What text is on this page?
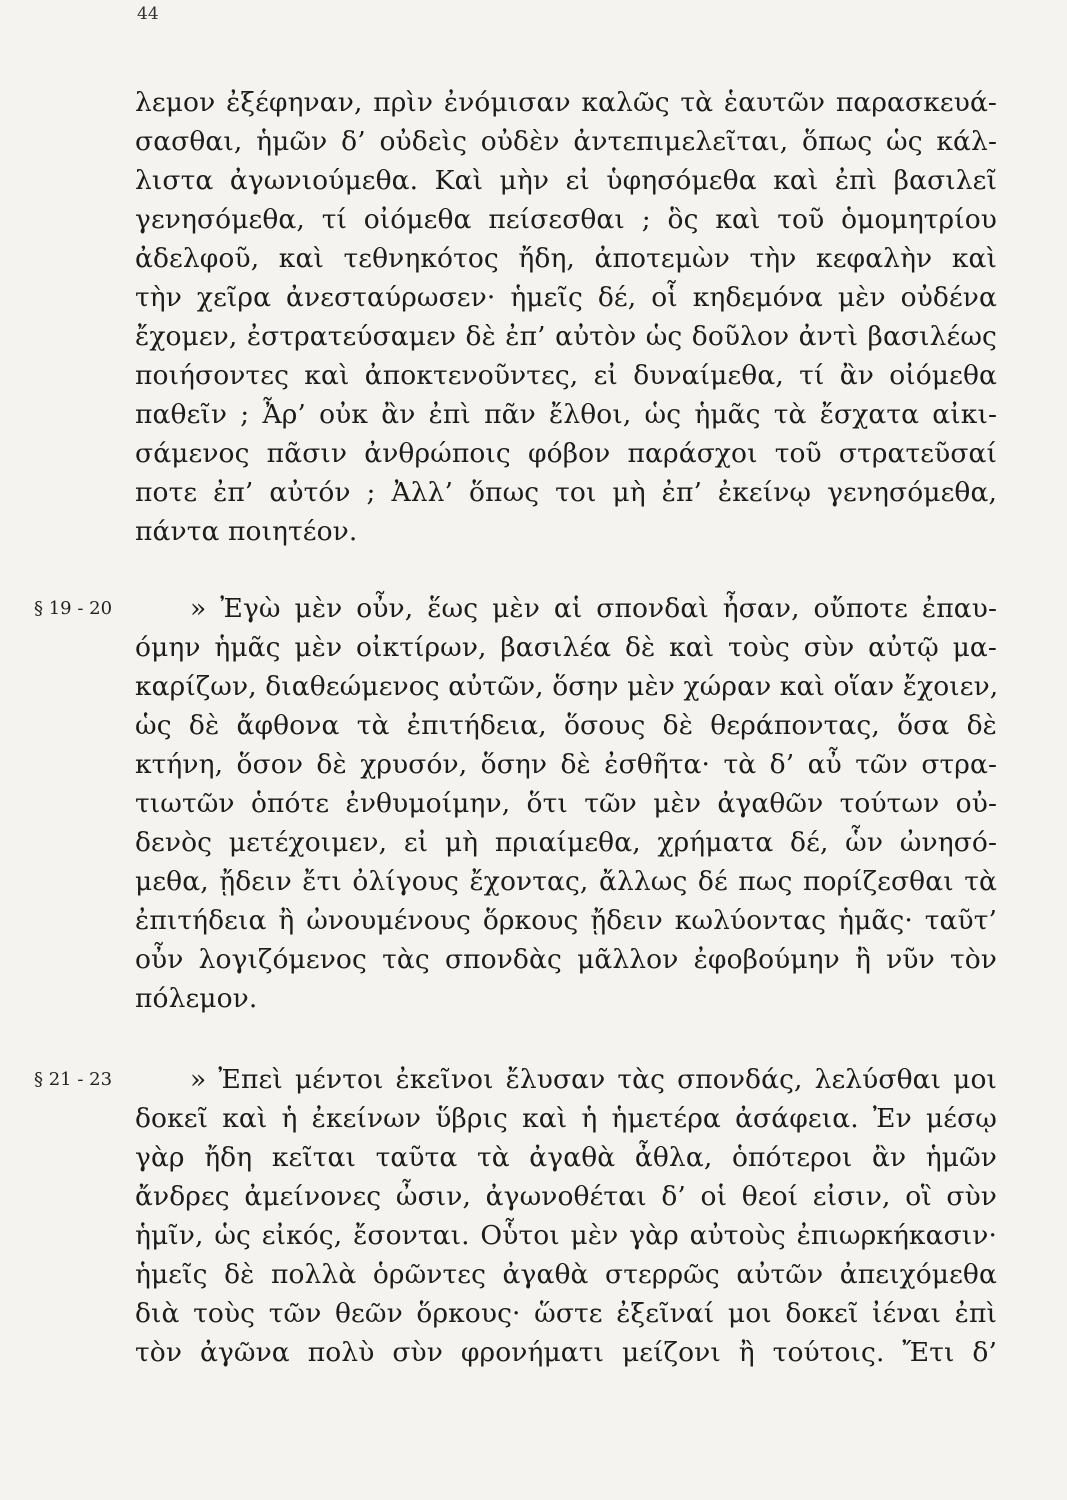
44
§ 19 - 20
§ 21 - 23
λεμον ἐξέφηναν, πρὶν ἐνόμισαν καλῶς τὰ ἑαυτῶν παρασκευά-
σασθαι, ἡμῶν δ’ οὐδεὶς οὐδὲν ἀντεπιμελεῖται, ὅπως ὡς κάλ-
λιστα ἀγωνιούμεθα. Καὶ μὴν εἰ ὑφησόμεθα καὶ ἐπὶ βασιλεῖ
γενησόμεθα, τί οἰόμεθα πείσεσθαι ; ὃς καὶ τοῦ ὁμομητρίου
ἀδελφοῦ, καὶ τεθνηκότος ἤδη, ἀποτεμὼν τὴν κεφαλὴν καὶ
τὴν χεῖρα ἀνεσταύρωσεν· ἡμεῖς δέ, οἷ κηδεμόνα μὲν οὐδένα
ἔχομεν, ἐστρατεύσαμεν δὲ ἐπ’ αὐτὸν ὡς δοῦλον ἀντὶ βασιλέως
ποιήσοντες καὶ ἀποκτενοῦντες, εἰ δυναίμεθα, τί ἂν οἰόμεθα
παθεῖν ; Ἆρ’ οὐκ ἂν ἐπὶ πᾶν ἔλθοι, ὡς ἡμᾶς τὰ ἔσχατα αἰκι-
σάμενος πᾶσιν ἀνθρώποις φόβον παράσχοι τοῦ στρατεῦσαί
ποτε ἐπ’ αὐτόν ; Ἀλλ’ ὅπως τοι μὴ ἐπ’ ἐκείνῳ γενησόμεθα,
πάντα ποιητέον.
» Ἐγὼ μὲν οὖν, ἕως μὲν αἱ σπονδαὶ ἦσαν, οὔποτε ἐπαυ-
όμην ἡμᾶς μὲν οἰκτίρων, βασιλέα δὲ καὶ τοὺς σὺν αὐτῷ μα-
καρίζων, διαθεώμενος αὐτῶν, ὅσην μὲν χώραν καὶ οἵαν ἔχοιεν,
ὡς δὲ ἄφθονα τὰ ἐπιτήδεια, ὅσους δὲ θεράποντας, ὅσα δὲ
κτήνη, ὅσον δὲ χρυσόν, ὅσην δὲ ἐσθῆτα· τὰ δ’ αὖ τῶν στρα-
τιωτῶν ὁπότε ἐνθυμοίμην, ὅτι τῶν μὲν ἀγαθῶν τούτων οὐ-
δενὸς μετέχοιμεν, εἰ μὴ πριαίμεθα, χρήματα δέ, ὧν ὠνησό-
μεθα, ᾔδειν ἔτι ὀλίγους ἔχοντας, ἄλλως δέ πως πορίζεσθαι τὰ
ἐπιτήδεια ἢ ὠνουμένους ὅρκους ᾔδειν κωλύοντας ἡμᾶς· ταῦτ’
οὖν λογιζόμενος τὰς σπονδὰς μᾶλλον ἐφοβούμην ἢ νῦν τὸν
πόλεμον.
» Ἐπεὶ μέντοι ἐκεῖνοι ἔλυσαν τὰς σπονδάς, λελύσθαι μοι
δοκεῖ καὶ ἡ ἐκείνων ὕβρις καὶ ἡ ἡμετέρα ἀσάφεια. Ἐν μέσῳ
γὰρ ἤδη κεῖται ταῦτα τὰ ἀγαθὰ ἆθλα, ὁπότεροι ἂν ἡμῶν
ἄνδρες ἀμείνονες ὦσιν, ἀγωνοθέται δ’ οἱ θεοί εἰσιν, οἳ σὺν
ἡμῖν, ὡς εἰκός, ἔσονται. Οὗτοι μὲν γὰρ αὐτοὺς ἐπιωρκήκασιν·
ἡμεῖς δὲ πολλὰ ὁρῶντες ἀγαθὰ στερρῶς αὐτῶν ἀπειχόμεθα
διὰ τοὺς τῶν θεῶν ὅρκους· ὥστε ἐξεῖναί μοι δοκεῖ ἰέναι ἐπὶ
τὸν ἀγῶνα πολὺ σὺν φρονήματι μείζονι ἢ τούτοις. Ἔτι δ’
